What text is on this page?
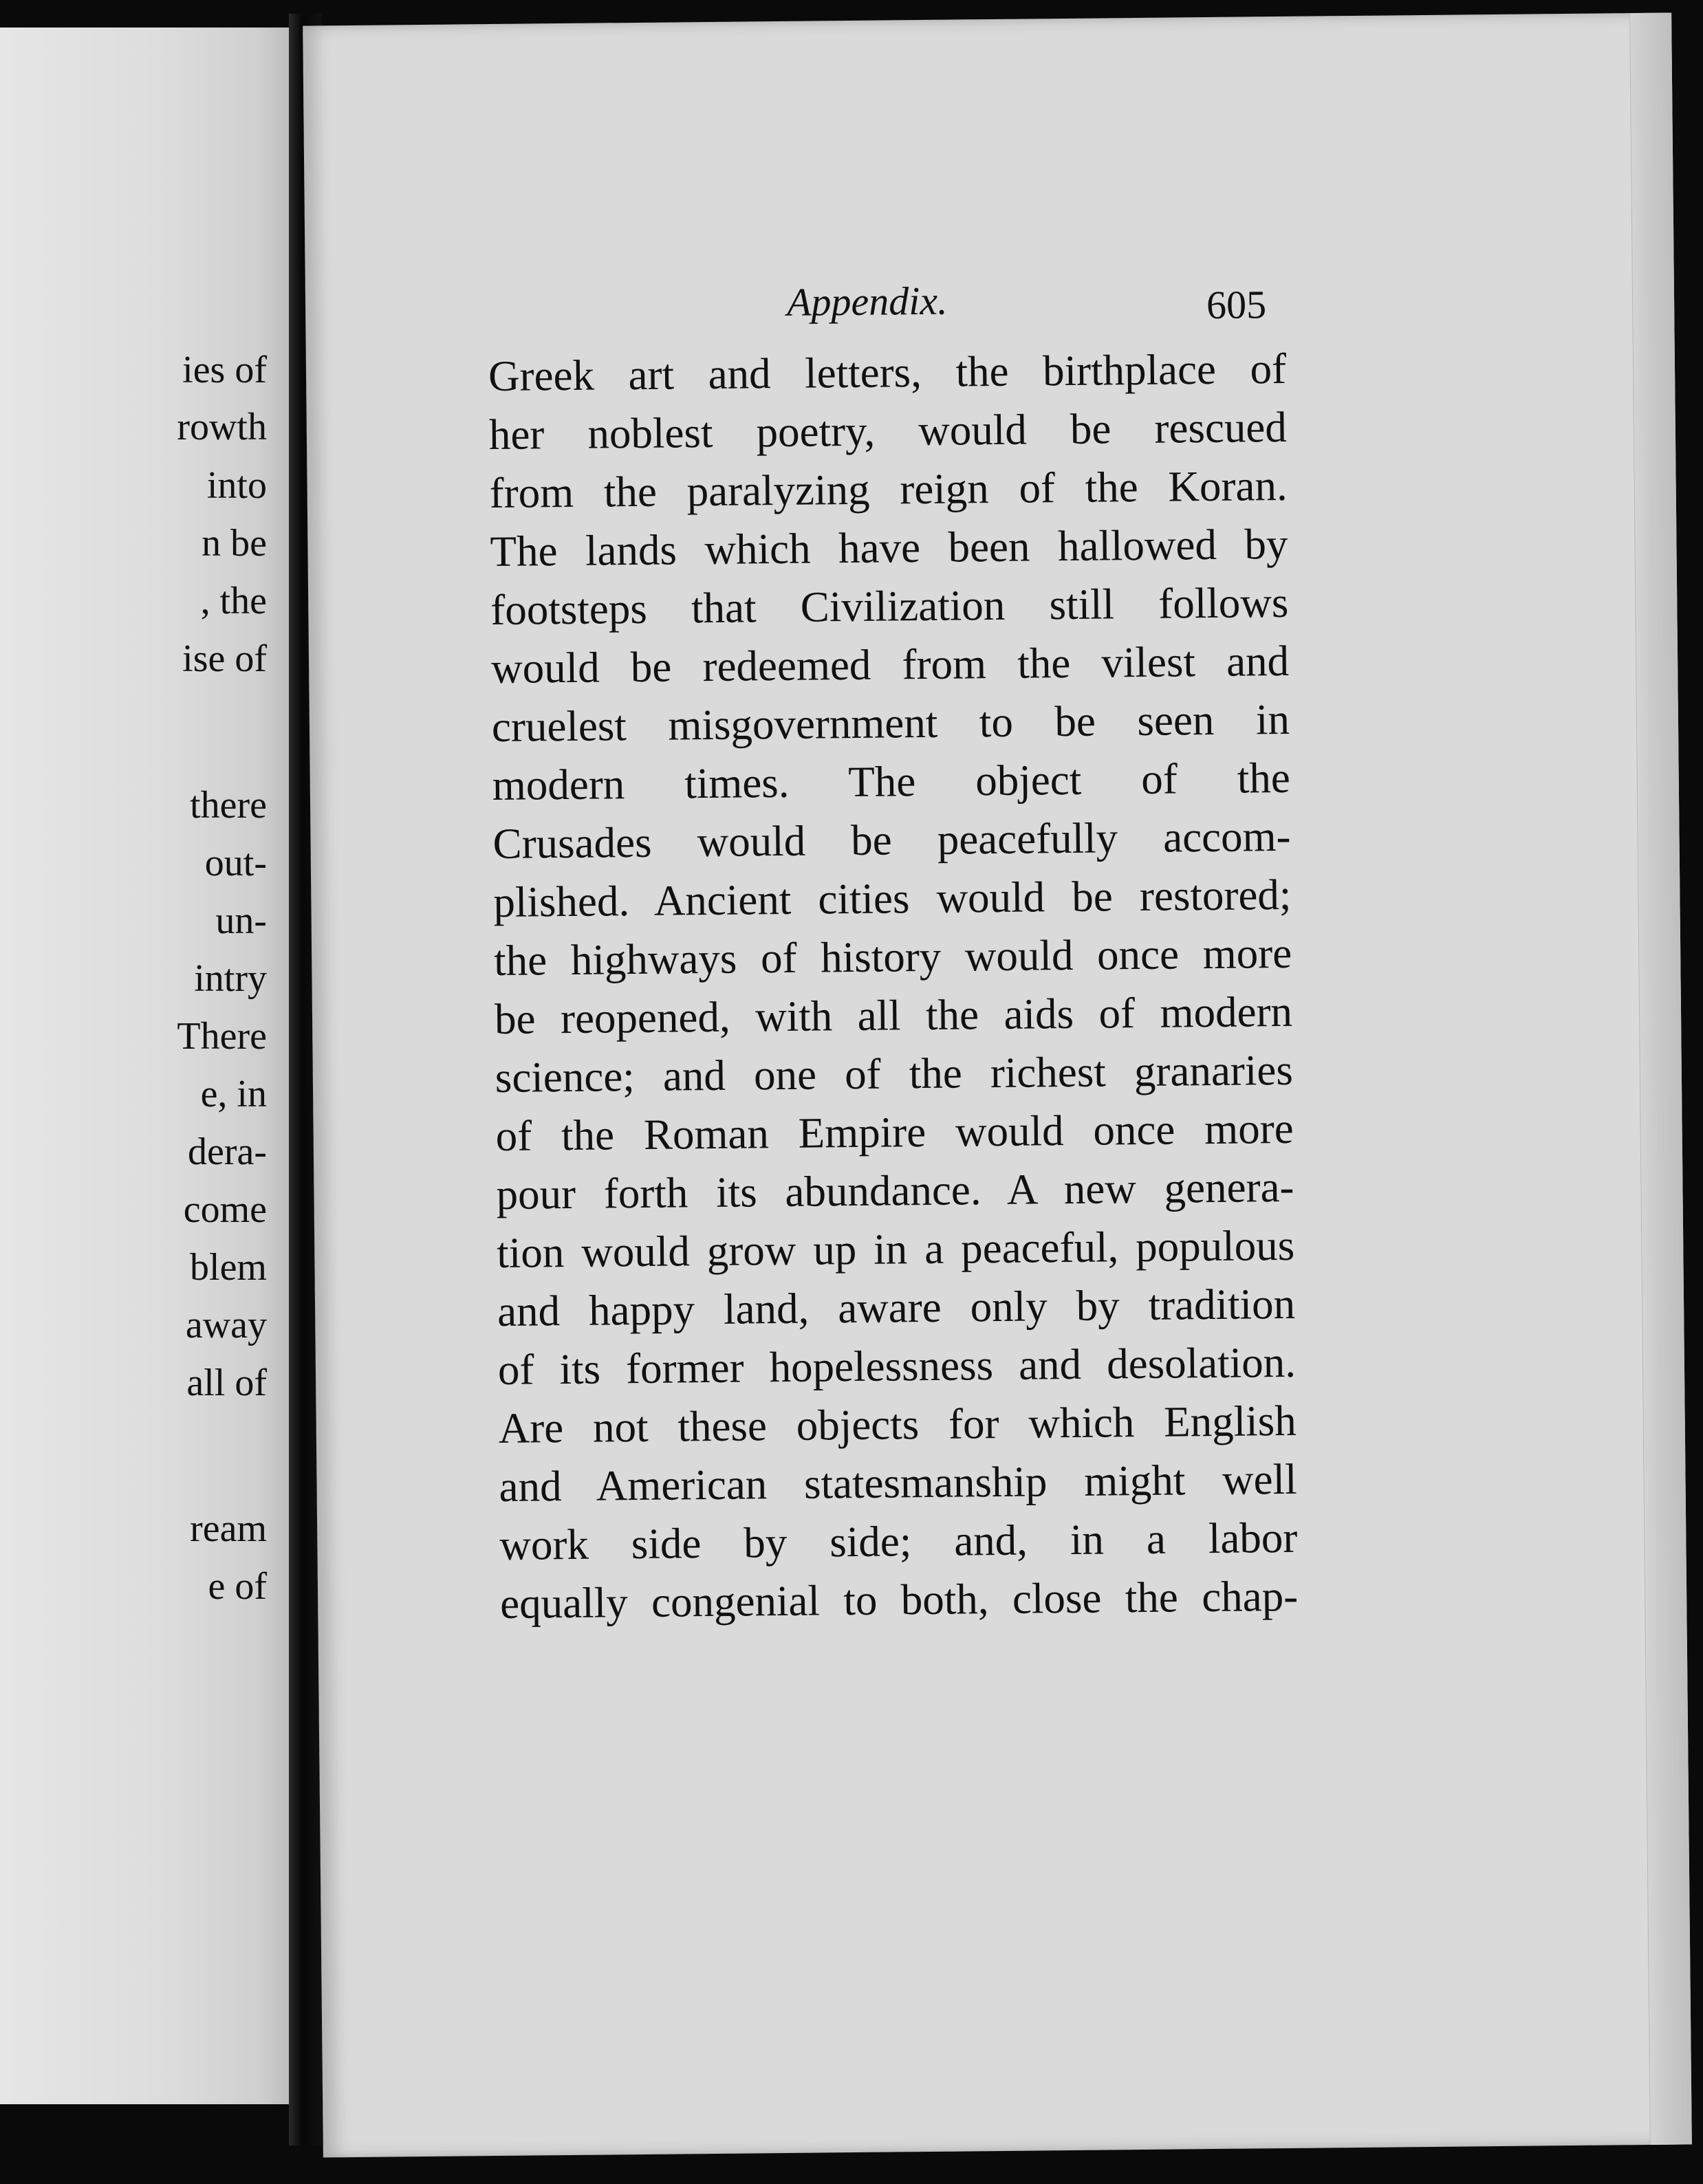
ies of
rowth
into
n be
, the
ise of
there
out-
un-
intry
There
e, in
dera-
come
blem
away
all of
ream
e of
Appendix.	605
Greek art and letters, the birthplace of
her noblest poetry, would be rescued
from the paralyzing reign of the Koran.
The lands which have been hallowed by
footsteps that Civilization still follows
would be redeemed from the vilest and
cruelest misgovernment to be seen in
modern times. The object of the
Crusades would be peacefully accom-
plished. Ancient cities would be restored;
the highways of history would once more
be reopened, with all the aids of modern
science; and one of the richest granaries
of the Roman Empire would once more
pour forth its abundance. A new genera-
tion would grow up in a peaceful, populous
and happy land, aware only by tradition
of its former hopelessness and desolation.
Are not these objects for which English
and American statesmanship might well
work side by side; and, in a labor
equally congenial to both, close the chap-
